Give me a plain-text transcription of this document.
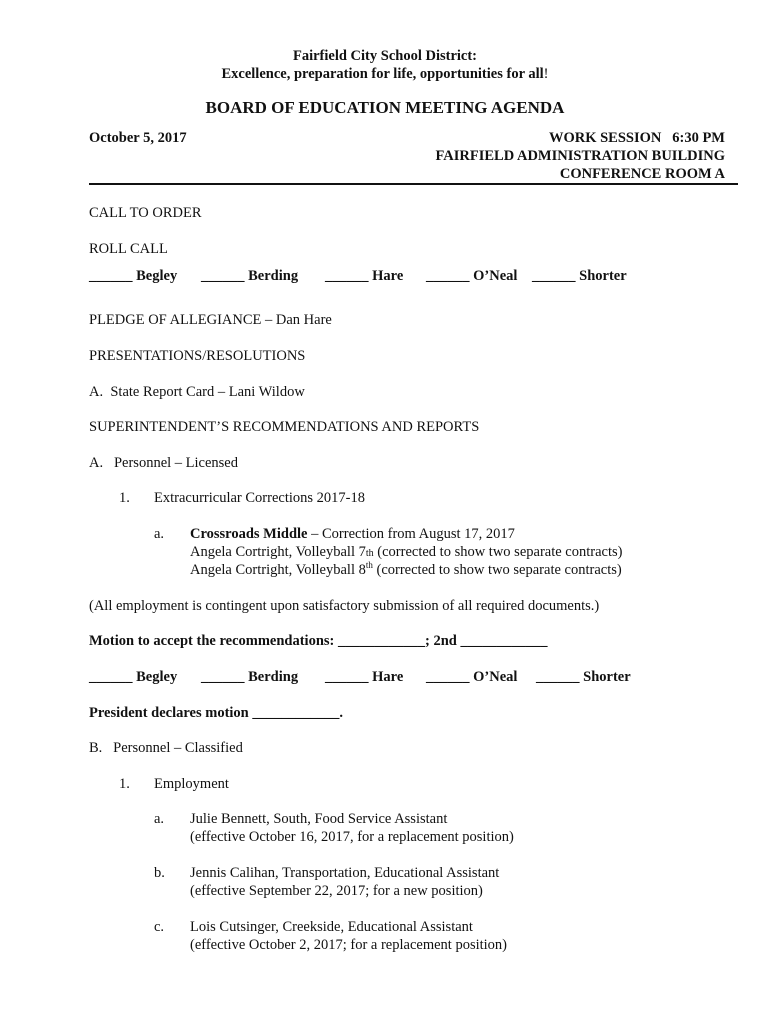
Fairfield City School District:
Excellence, preparation for life, opportunities for all!
BOARD OF EDUCATION MEETING AGENDA
October 5, 2017	WORK SESSION   6:30 PM
FAIRFIELD ADMINISTRATION BUILDING
CONFERENCE ROOM A
CALL TO ORDER
ROLL CALL
______ Begley ______ Berding ______ Hare ______ O’Neal ______ Shorter
PLEDGE OF ALLEGIANCE – Dan Hare
PRESENTATIONS/RESOLUTIONS
A.  State Report Card – Lani Wildow
SUPERINTENDENT’S RECOMMENDATIONS AND REPORTS
A.   Personnel – Licensed
1. Extracurricular Corrections 2017-18
a. Crossroads Middle – Correction from August 17, 2017
Angela Cortright, Volleyball 7th (corrected to show two separate contracts)
Angela Cortright, Volleyball 8th (corrected to show two separate contracts)
(All employment is contingent upon satisfactory submission of all required documents.)
Motion to accept the recommendations: ____________; 2nd ____________
______ Begley ______ Berding ______ Hare ______ O’Neal ______ Shorter
President declares motion ____________.
B.   Personnel – Classified
1. Employment
a. Julie Bennett, South, Food Service Assistant
(effective October 16, 2017, for a replacement position)
b. Jennis Calihan, Transportation, Educational Assistant
(effective September 22, 2017; for a new position)
c. Lois Cutsinger, Creekside, Educational Assistant
(effective October 2, 2017; for a replacement position)
